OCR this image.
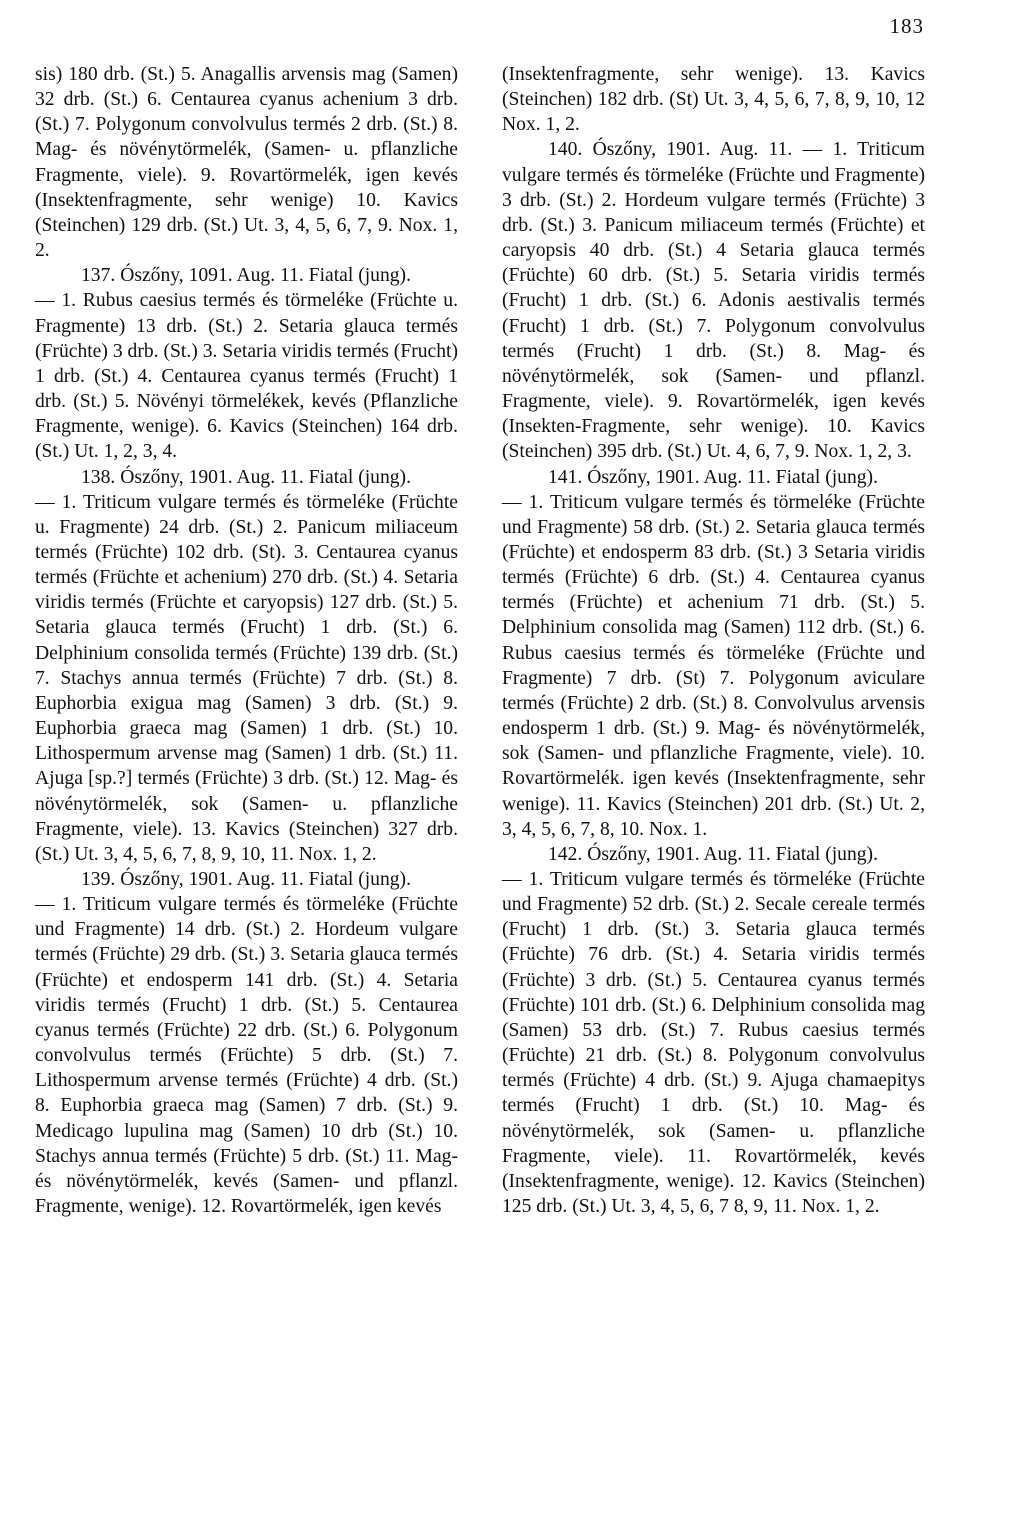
183

sis) 180 drb. (St.) 5. Anagallis arvensis mag (Samen) 32 drb. (St.) 6. Centaurea cyanus achenium 3 drb. (St.) 7. Polygonum convolvulus termés 2 drb. (St.) 8. Mag- és növénytörmelék, (Samen- u. pflanzliche Fragmente, viele). 9. Rovartörmelék, igen kevés (Insektenfragmente, sehr wenige) 10. Kavics (Steinchen) 129 drb. (St.) Ut. 3, 4, 5, 6, 7, 9. Nox. 1, 2.

137. Ószőny, 1091. Aug. 11. Fiatal (jung).

— 1. Rubus caesius termés és törmeléke (Früchte u. Fragmente) 13 drb. (St.) 2. Setaria glauca termés (Früchte) 3 drb. (St.) 3. Setaria viridis termés (Frucht) 1 drb. (St.) 4. Centaurea cyanus termés (Frucht) 1 drb. (St.) 5. Növényi törmelékek, kevés (Pflanzliche Fragmente, wenige). 6. Kavics (Steinchen) 164 drb. (St.) Ut. 1, 2, 3, 4.

138. Ószőny, 1901. Aug. 11. Fiatal (jung).

— 1. Triticum vulgare termés és törmeléke (Früchte u. Fragmente) 24 drb. (St.) 2. Panicum miliaceum termés (Früchte) 102 drb. (St). 3. Centaurea cyanus termés (Früchte et achenium) 270 drb. (St.) 4. Setaria viridis termés (Früchte et caryopsis) 127 drb. (St.) 5. Setaria glauca termés (Frucht) 1 drb. (St.) 6. Delphinium consolida termés (Früchte) 139 drb. (St.) 7. Stachys annua termés (Früchte) 7 drb. (St.) 8. Euphorbia exigua mag (Samen) 3 drb. (St.) 9. Euphorbia graeca mag (Samen) 1 drb. (St.) 10. Lithospermum arvense mag (Samen) 1 drb. (St.) 11. Ajuga [sp.?] termés (Früchte) 3 drb. (St.) 12. Mag- és növénytörmelék, sok (Samen- u. pflanzliche Fragmente, viele). 13. Kavics (Steinchen) 327 drb. (St.) Ut. 3, 4, 5, 6, 7, 8, 9, 10, 11. Nox. 1, 2.

139. Ószőny, 1901. Aug. 11. Fiatal (jung).

— 1. Triticum vulgare termés és törmeléke (Früchte und Fragmente) 14 drb. (St.) 2. Hordeum vulgare termés (Früchte) 29 drb. (St.) 3. Setaria glauca termés (Früchte) et endosperm 141 drb. (St.) 4. Setaria viridis termés (Frucht) 1 drb. (St.) 5. Centaurea cyanus termés (Früchte) 22 drb. (St.) 6. Polygonum convolvulus termés (Früchte) 5 drb. (St.) 7. Lithospermum arvense termés (Früchte) 4 drb. (St.) 8. Euphorbia graeca mag (Samen) 7 drb. (St.) 9. Medicago lupulina mag (Samen) 10 drb (St.) 10. Stachys annua termés (Früchte) 5 drb. (St.) 11. Mag- és növénytörmelék, kevés (Samen- und pflanzl. Fragmente, wenige). 12. Rovartörmelék, igen kevés

(Insektenfragmente, sehr wenige). 13. Kavics (Steinchen) 182 drb. (St) Ut. 3, 4, 5, 6, 7, 8, 9, 10, 12 Nox. 1, 2.

140. Ószőny, 1901. Aug. 11. — 1. Triticum vulgare termés és törmeléke (Früchte und Fragmente) 3 drb. (St.) 2. Hordeum vulgare termés (Früchte) 3 drb. (St.) 3. Panicum miliaceum termés (Früchte) et caryopsis 40 drb. (St.) 4 Setaria glauca termés (Früchte) 60 drb. (St.) 5. Setaria viridis termés (Frucht) 1 drb. (St.) 6. Adonis aestivalis termés (Frucht) 1 drb. (St.) 7. Polygonum convolvulus termés (Frucht) 1 drb. (St.) 8. Mag- és növénytörmelék, sok (Samen- und pflanzl. Fragmente, viele). 9. Rovartörmelék, igen kevés (Insekten-Fragmente, sehr wenige). 10. Kavics (Steinchen) 395 drb. (St.) Ut. 4, 6, 7, 9. Nox. 1, 2, 3.

141. Ószőny, 1901. Aug. 11. Fiatal (jung).

— 1. Triticum vulgare termés és törmeléke (Früchte und Fragmente) 58 drb. (St.) 2. Setaria glauca termés (Früchte) et endosperm 83 drb. (St.) 3 Setaria viridis termés (Früchte) 6 drb. (St.) 4. Centaurea cyanus termés (Früchte) et achenium 71 drb. (St.) 5. Delphinium consolida mag (Samen) 112 drb. (St.) 6. Rubus caesius termés és törmeléke (Früchte und Fragmente) 7 drb. (St) 7. Polygonum aviculare termés (Früchte) 2 drb. (St.) 8. Convolvulus arvensis endosperm 1 drb. (St.) 9. Mag- és növénytörmelék, sok (Samen- und pflanzliche Fragmente, viele). 10. Rovartörmelék. igen kevés (Insektenfragmente, sehr wenige). 11. Kavics (Steinchen) 201 drb. (St.) Ut. 2, 3, 4, 5, 6, 7, 8, 10. Nox. 1.

142. Ószőny, 1901. Aug. 11. Fiatal (jung).

— 1. Triticum vulgare termés és törmeléke (Früchte und Fragmente) 52 drb. (St.) 2. Secale cereale termés (Frucht) 1 drb. (St.) 3. Setaria glauca termés (Früchte) 76 drb. (St.) 4. Setaria viridis termés (Früchte) 3 drb. (St.) 5. Centaurea cyanus termés (Früchte) 101 drb. (St.) 6. Delphinium consolida mag (Samen) 53 drb. (St.) 7. Rubus caesius termés (Früchte) 21 drb. (St.) 8. Polygonum convolvulus termés (Früchte) 4 drb. (St.) 9. Ajuga chamaepitys termés (Frucht) 1 drb. (St.) 10. Mag- és növénytörmelék, sok (Samen- u. pflanzliche Fragmente, viele). 11. Rovartörmelék, kevés (Insektenfragmente, wenige). 12. Kavics (Steinchen) 125 drb. (St.) Ut. 3, 4, 5, 6, 7 8, 9, 11. Nox. 1, 2.
